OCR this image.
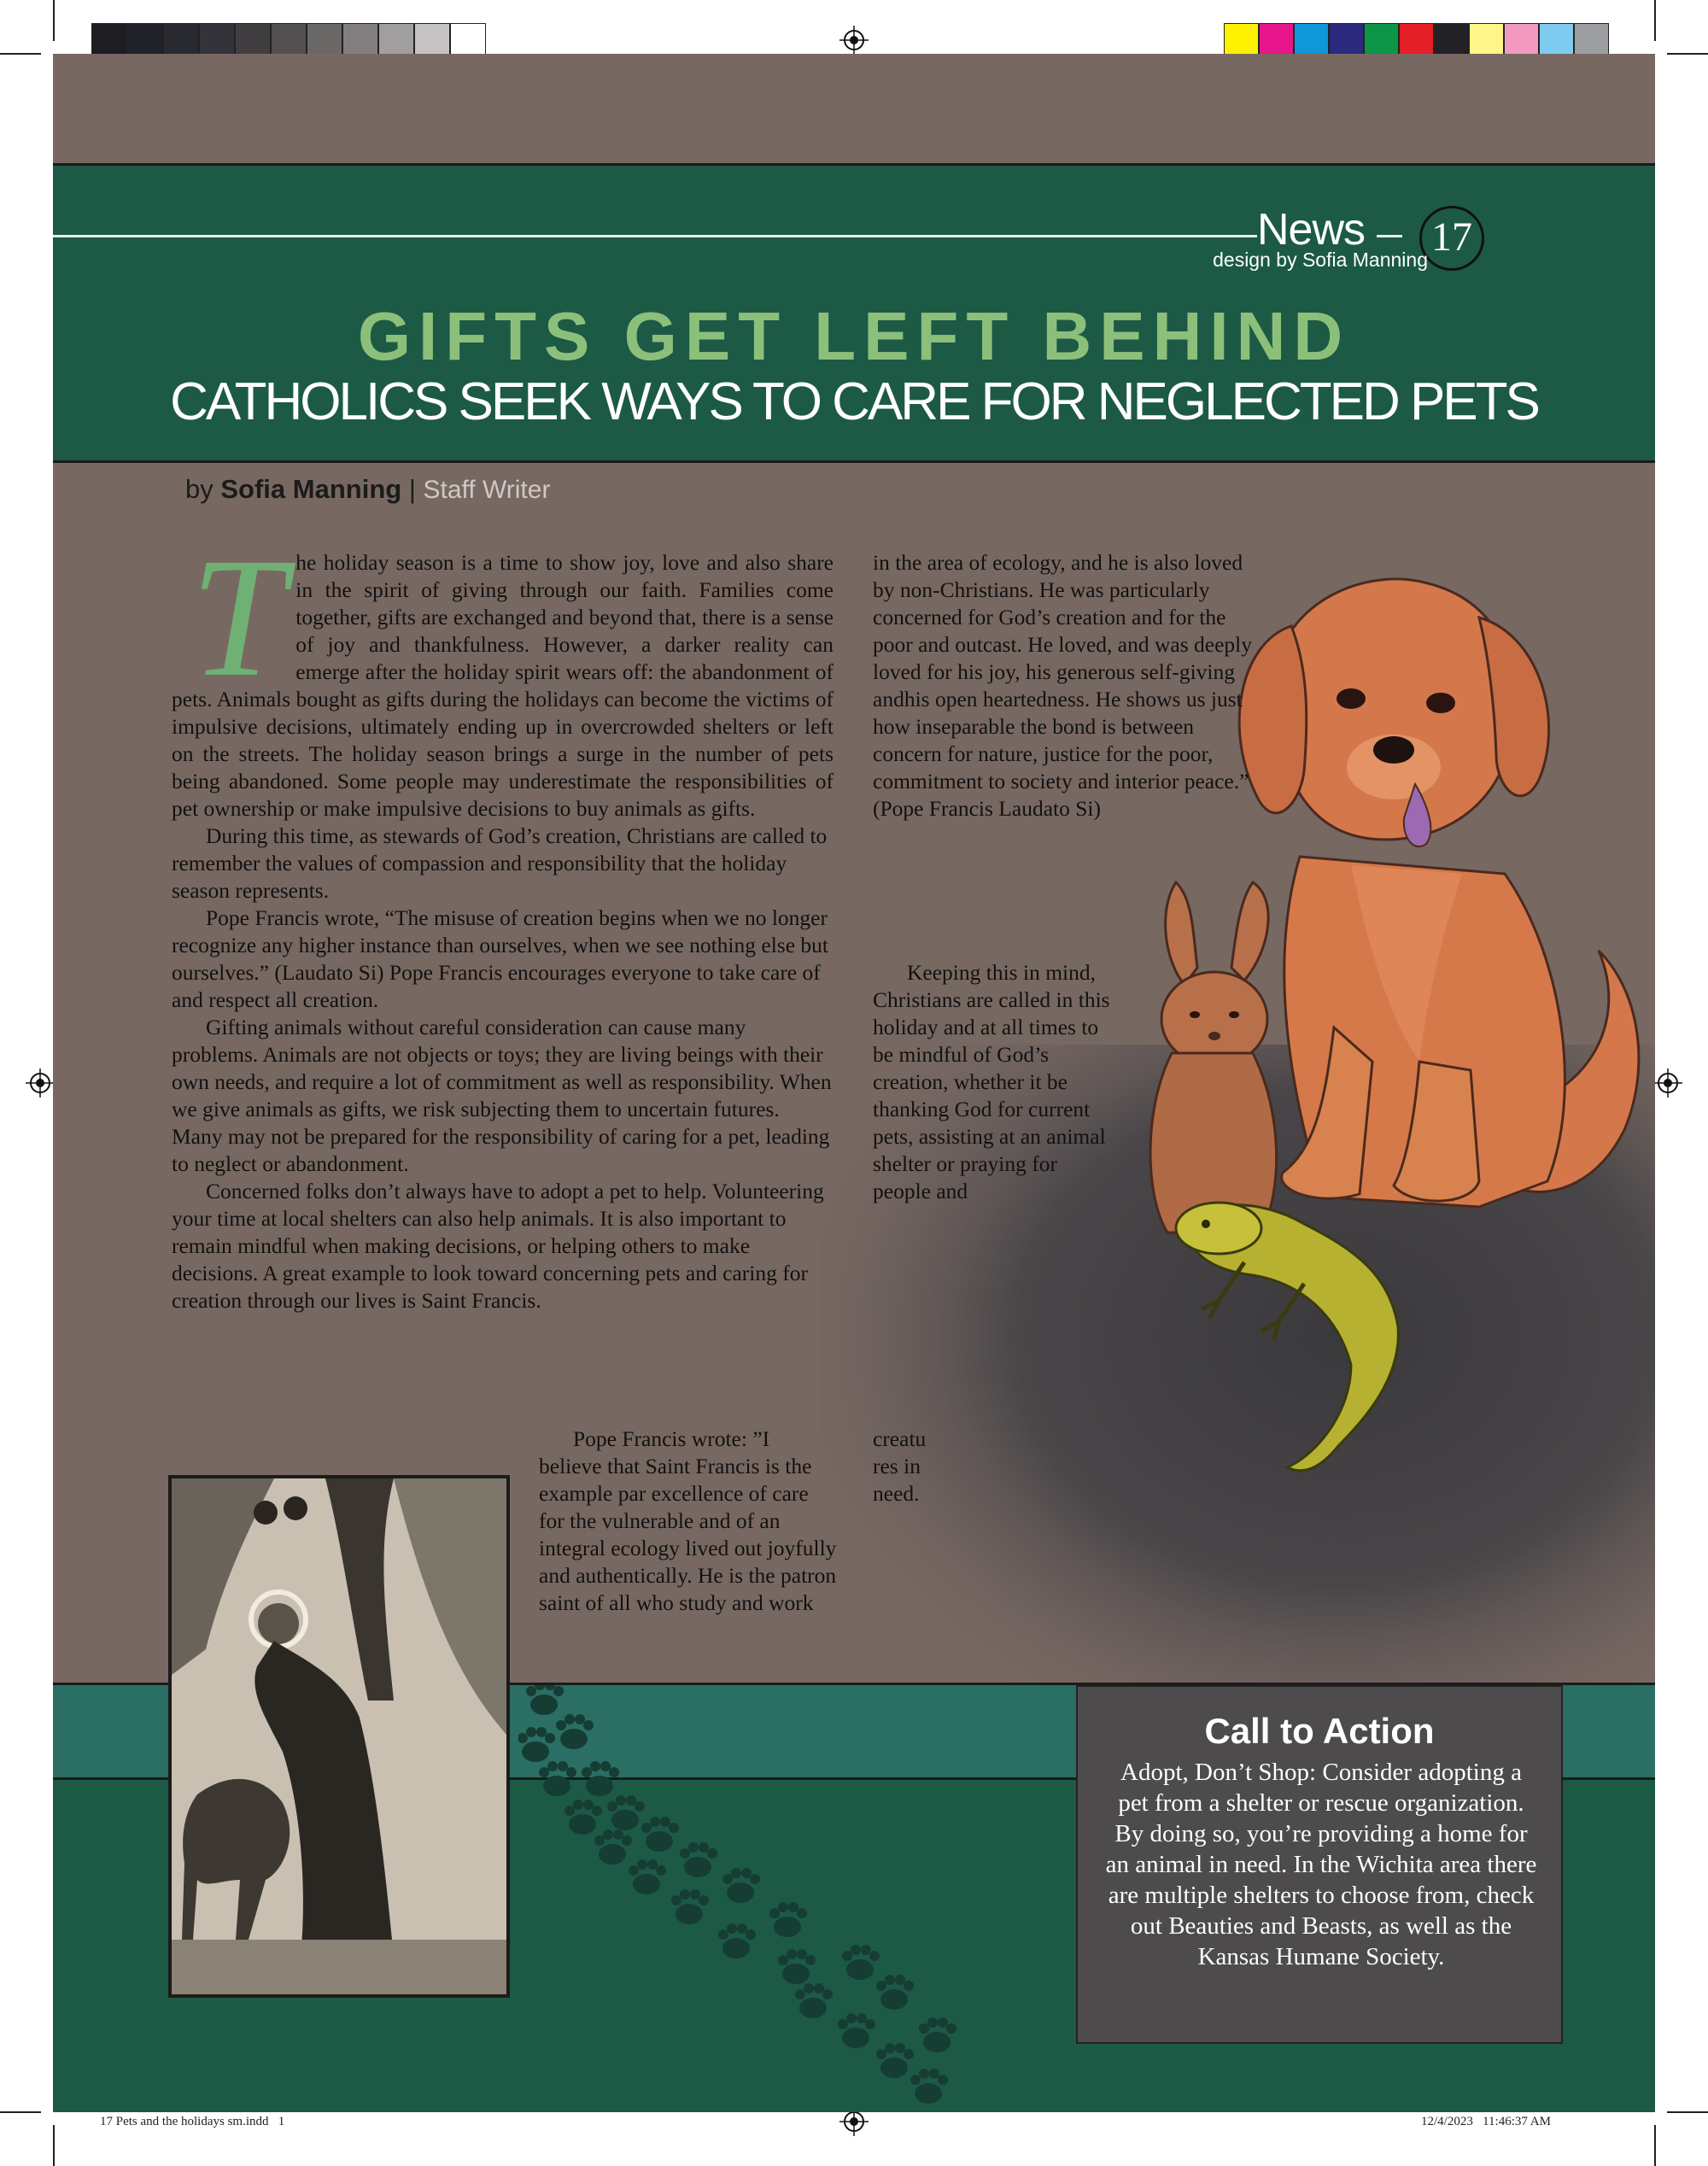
News 17
design by Sofia Manning
GIFTS GET LEFT BEHIND
CATHOLICS SEEK WAYS TO CARE FOR NEGLECTED PETS
by Sofia Manning | Staff Writer
T he holiday season is a time to show joy, love and also share in the spirit of giving through our faith. Families come together, gifts are exchanged and beyond that, there is a sense of joy and thankfulness. However, a darker reality can emerge after the holiday spirit wears off: the abandonment of pets. Animals bought as gifts during the holidays can become the victims of impulsive decisions, ultimately ending up in overcrowded shelters or left on the streets. The holiday season brings a surge in the number of pets being abandoned. Some people may underestimate the responsibilities of pet ownership or make impulsive decisions to buy animals as gifts.

During this time, as stewards of God’s creation, Christians are called to remember the values of compassion and responsibility that the holiday season represents.

Pope Francis wrote, “The misuse of creation begins when we no longer recognize any higher instance than ourselves, when we see nothing else but ourselves.” (Laudato Si) Pope Francis encourages everyone to take care of and respect all creation.

Gifting animals without careful consideration can cause many problems. Animals are not objects or toys; they are living beings with their own needs, and require a lot of commitment as well as responsibility. When we give animals as gifts, we risk subjecting them to uncertain futures. Many may not be prepared for the responsibility of caring for a pet, leading to neglect or abandonment.

Concerned folks don’t always have to adopt a pet to help. Volunteering your time at local shelters can also help animals. It is also important to remain mindful when making decisions, or helping others to make decisions. A great example to look toward concerning pets and caring for creation through our lives is Saint Francis.

Pope Francis wrote: ”I believe that Saint Francis is the example par excellence of care for the vulnerable and of an integral ecology lived out joyfully and authentically. He is the patron saint of all who study and work

in the area of ecology, and he is also loved by non-Christians. He was particularly concerned for God’s creation and for the poor and outcast. He loved, and was deeply loved for his joy, his generous self-giving andhis open heartedness. He shows us just how inseparable the bond is between concern for nature, justice for the poor, commitment to society and interior peace.” (Pope Francis Laudato Si)

Keeping this in mind, Christians are called in this holiday and at all times to be mindful of God’s creation, whether it be thanking God for current pets, assisting at an animal shelter or praying for people and

creatures in need.

Call to Action
Adopt, Don’t Shop: Consider adopting a pet from a shelter or rescue organization. By doing so, you’re providing a home for an animal in need. In the Wichita area there are multiple shelters to choose from, check out Beauties and Beasts, as well as the Kansas Humane Society.
17 Pets and the holidays sm.indd   1	12/4/2023   11:46:37 AM
